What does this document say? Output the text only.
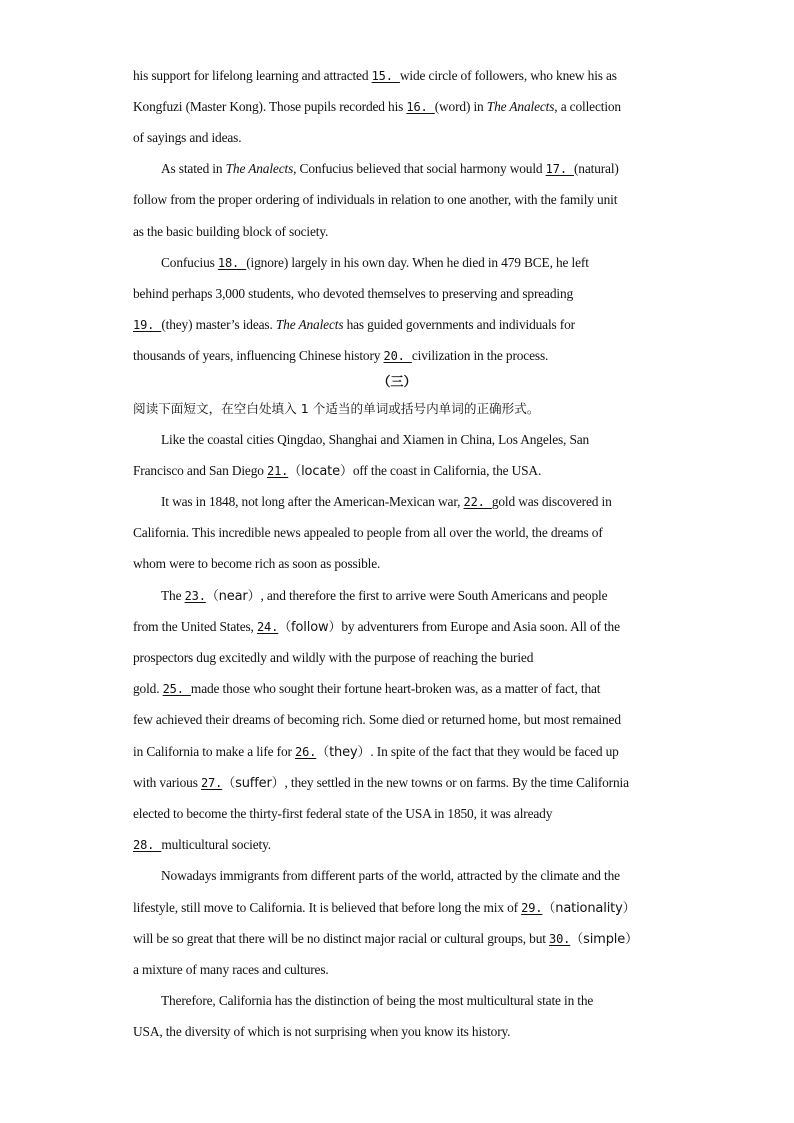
（三）
阅读下面短文，在空白处填入 1 个适当的单词或括号内单词的正确形式。
his support for lifelong learning and attracted 15. wide circle of followers, who knew his as
Kongfuzi (Master Kong). Those pupils recorded his 16. (word) in The Analects, a collection
of sayings and ideas.
As stated in The Analects, Confucius believed that social harmony would 17. (natural)
follow from the proper ordering of individuals in relation to one another, with the family unit
as the basic building block of society.
Confucius 18. (ignore) largely in his own day. When he died in 479 BCE, he left
behind perhaps 3,000 students, who devoted themselves to preserving and spreading
19. (they) master’s ideas. The Analects has guided governments and individuals for
thousands of years, influencing Chinese history 20. civilization in the process.
Like the coastal cities Qingdao, Shanghai and Xiamen in China, Los Angeles, San
Francisco and San Diego 21.（locate）off the coast in California, the USA.
It was in 1848, not long after the American-Mexican war, 22. gold was discovered in
California. This incredible news appealed to people from all over the world, the dreams of
whom were to become rich as soon as possible.
The 23.（near）, and therefore the first to arrive were South Americans and people
from the United States, 24.（follow）by adventurers from Europe and Asia soon. All of the
prospectors dug excitedly and wildly with the purpose of reaching the buried
gold. 25. made those who sought their fortune heart-broken was, as a matter of fact, that
few achieved their dreams of becoming rich. Some died or returned home, but most remained
in California to make a life for 26.（they）. In spite of the fact that they would be faced up
with various 27.（suffer）, they settled in the new towns or on farms. By the time California
elected to become the thirty-first federal state of the USA in 1850, it was already
28. multicultural society.
Nowadays immigrants from different parts of the world, attracted by the climate and the
lifestyle, still move to California. It is believed that before long the mix of 29.（nationality）
will be so great that there will be no distinct major racial or cultural groups, but 30.（simple）
a mixture of many races and cultures.
Therefore, California has the distinction of being the most multicultural state in the
USA, the diversity of which is not surprising when you know its history.
